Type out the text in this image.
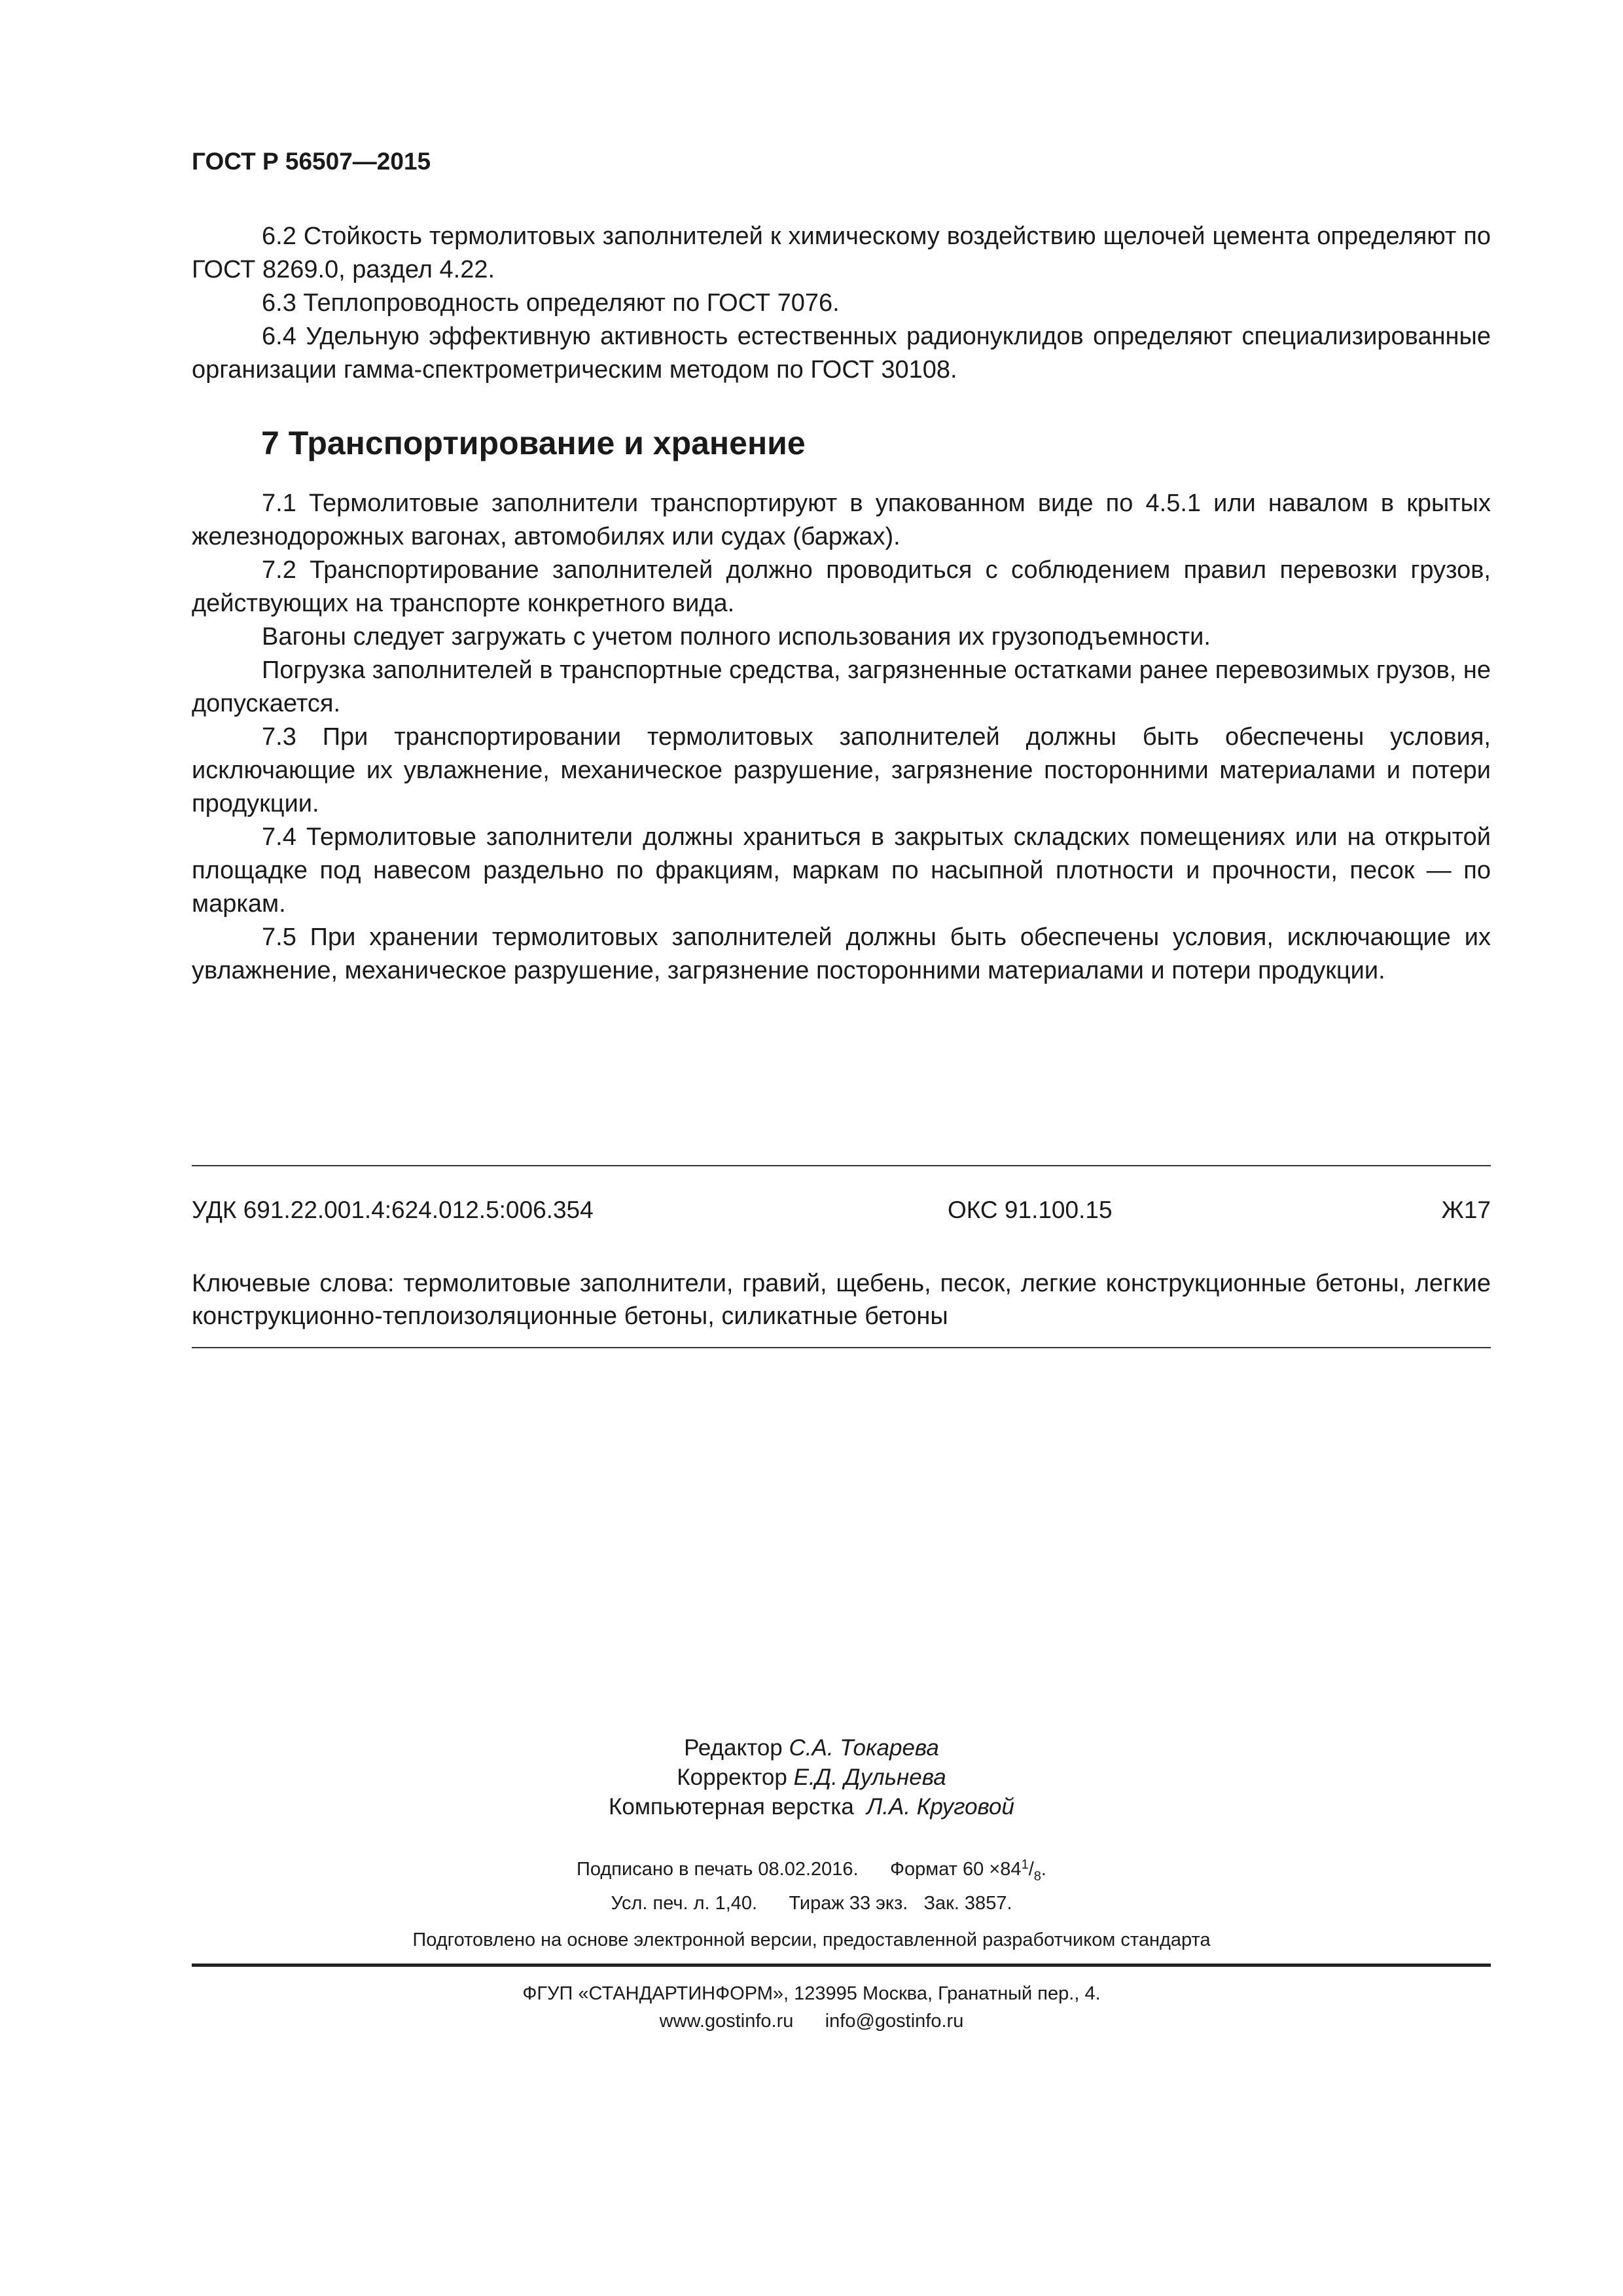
ГОСТ Р 56507—2015

6.2 Стойкость термолитовых заполнителей к химическому воздействию щелочей цемента определяют по ГОСТ 8269.0, раздел 4.22.

6.3 Теплопроводность определяют по ГОСТ 7076.

6.4 Удельную эффективную активность естественных радионуклидов определяют специализированные организации гамма-спектрометрическим методом по ГОСТ 30108.

7 Транспортирование и хранение

7.1 Термолитовые заполнители транспортируют в упакованном виде по 4.5.1 или навалом в крытых железнодорожных вагонах, автомобилях или судах (баржах).

7.2 Транспортирование заполнителей должно проводиться с соблюдением правил перевозки грузов, действующих на транспорте конкретного вида.

Вагоны следует загружать с учетом полного использования их грузоподъемности.

Погрузка заполнителей в транспортные средства, загрязненные остатками ранее перевозимых грузов, не допускается.

7.3 При транспортировании термолитовых заполнителей должны быть обеспечены условия, исключающие их увлажнение, механическое разрушение, загрязнение посторонними материалами и потери продукции.

7.4 Термолитовые заполнители должны храниться в закрытых складских помещениях или на открытой площадке под навесом раздельно по фракциям, маркам по насыпной плотности и прочности, песок — по маркам.

7.5 При хранении термолитовых заполнителей должны быть обеспечены условия, исключающие их увлажнение, механическое разрушение, загрязнение посторонними материалами и потери продукции.

УДК 691.22.001.4:624.012.5:006.354	ОКС 91.100.15	Ж17
Ключевые слова: термолитовые заполнители, гравий, щебень, песок, легкие конструкционные бетоны, легкие конструкционно-теплоизоляционные бетоны, силикатные бетоны
Редактор С.А. Токарева
Корректор Е.Д. Дульнева
Компьютерная верстка Л.А. Круговой
Подписано в печать 08.02.2016. Формат $60 \times 84^1/_8$.
Усл. печ. л. 1,40. Тираж 33 экз. Зак. 3857.
Подготовлено на основе электронной версии, предоставленной разработчиком стандарта
ФГУП «СТАНДАРТИНФОРМ», 123995 Москва, Гранатный пер., 4.
www.gostinfo.ru info@gostinfo.ru
